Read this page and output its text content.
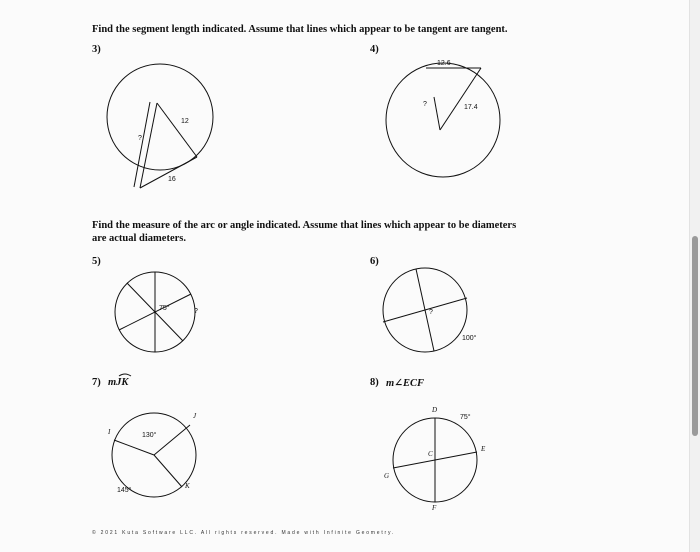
Find the segment length indicated. Assume that lines which appear to be tangent are tangent.
3)
12
16
?
4)
12.6
17.4
?
Find the measure of the arc or angle indicated. Assume that lines which appear to be diameters
are actual diameters.
5)
75°	?
6)
?
100°
7) mJK
I
J
K
130°
145°
8) m∠ECF
D
75°
E
C
G
F
© 2021 Kuta Software LLC. All rights reserved. Made with Infinite Geometry.
